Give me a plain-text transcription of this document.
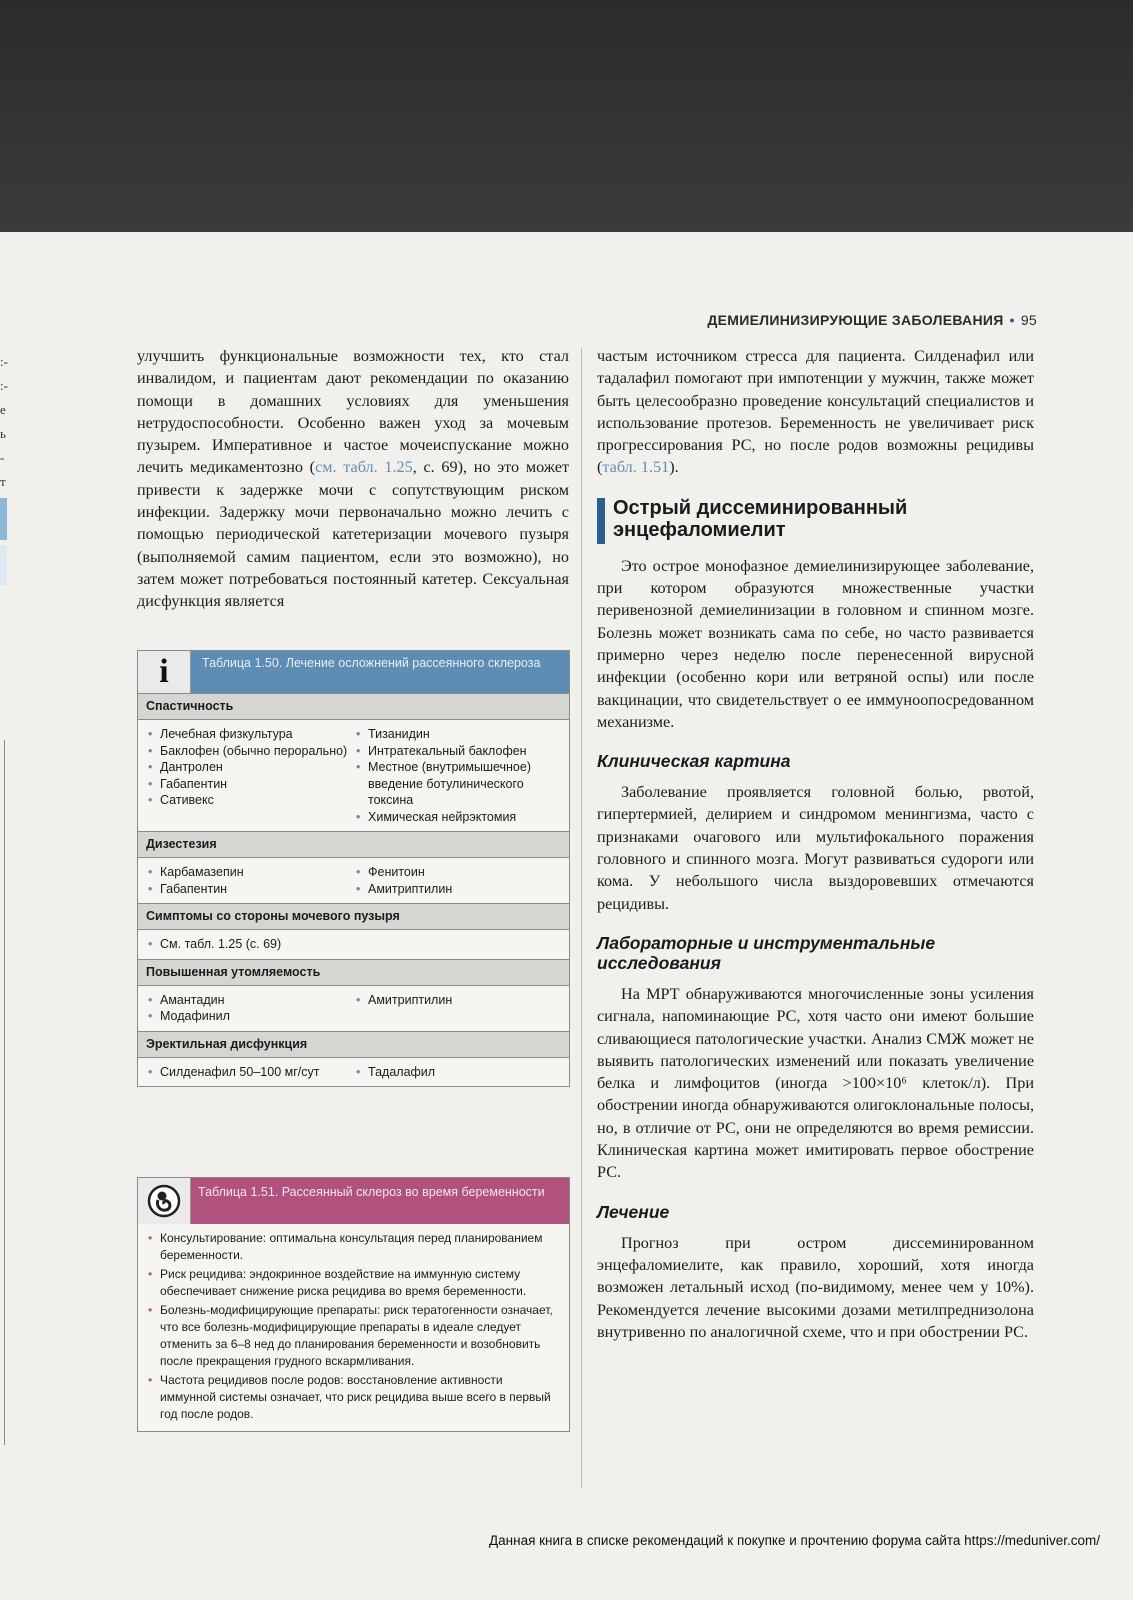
:-
:-
е
ь
​-
т
ДЕМИЕЛИНИЗИРУЮЩИЕ ЗАБОЛЕВАНИЯ • 95

улучшить функциональные возможности тех, кто стал инвалидом, и пациентам дают рекомендации по оказанию помощи в домашних условиях для уменьшения нетрудоспособности. Особенно важен уход за мочевым пузырем. Императивное и частое мочеиспускание можно лечить медикаментозно (см. табл. 1.25, с. 69), но это может привести к задержке мочи с сопутствующим риском инфекции. Задержку мочи первоначально можно лечить с помощью периодической катетеризации мочевого пузыря (выполняемой самим пациентом, если это возможно), но затем может потребоваться постоянный катетер. Сексуальная дисфункция является

i	Таблица 1.50. Лечение осложнений рассеянного склероза
Спастичность
• Лечебная физкультура
• Баклофен (обычно перорально)
• Дантролен
• Габапентин
• Сативекс
• Тизанидин
• Интратекальный баклофен
• Местное (внутримышечное) введение ботулинического токсина
• Химическая нейрэктомия
Дизестезия
• Карбамазепин
• Габапентин
• Фенитоин
• Амитриптилин
Симптомы со стороны мочевого пузыря
• См. табл. 1.25 (с. 69)
Повышенная утомляемость
• Амантадин
• Модафинил
• Амитриптилин
Эректильная дисфункция
• Силденафил 50–100 мг/сут
•	Тадалафил
Таблица 1.51. Рассеянный склероз во время беременности
• Консультирование: оптимальна консультация перед планированием беременности.
• Риск рецидива: эндокринное воздействие на иммунную систему обеспечивает снижение риска рецидива во время беременности.
• Болезнь-модифицирующие препараты: риск тератогенности означает, что все болезнь-модифицирующие препараты в идеале следует отменить за 6–8 нед до планирования беременности и возобновить после прекращения грудного вскармливания.
• Частота рецидивов после родов: восстановление активности иммунной системы означает, что риск рецидива выше всего в первый год после родов.

частым источником стресса для пациента. Силденафил или тадалафил помогают при импотенции у мужчин, также может быть целесообразно проведение консультаций специалистов и использование протезов. Беременность не увеличивает риск прогрессирования РС, но после родов возможны рецидивы (табл. 1.51).

Острый диссеминированный энцефаломиелит

Это острое монофазное демиелинизирующее заболевание, при котором образуются множественные участки перивенозной демиелинизации в головном и спинном мозге. Болезнь может возникать сама по себе, но часто развивается примерно через неделю после перенесенной вирусной инфекции (особенно кори или ветряной оспы) или после вакцинации, что свидетельствует о ее иммуноопосредованном механизме.

Клиническая картина

Заболевание проявляется головной болью, рвотой, гипертермией, делирием и синдромом менингизма, часто с признаками очагового или мультифокального поражения головного и спинного мозга. Могут развиваться судороги или кома. У небольшого числа выздоровевших отмечаются рецидивы.

Лабораторные и инструментальные исследования

На МРТ обнаруживаются многочисленные зоны усиления сигнала, напоминающие РС, хотя часто они имеют большие сливающиеся патологические участки. Анализ СМЖ может не выявить патологических изменений или показать увеличение белка и лимфоцитов (иногда >100×10⁶ клеток/л). При обострении иногда обнаруживаются олигоклональные полосы, но, в отличие от РС, они не определяются во время ремиссии. Клиническая картина может имитировать первое обострение РС.

Лечение

Прогноз при остром диссеминированном энцефаломиелите, как правило, хороший, хотя иногда возможен летальный исход (по-видимому, менее чем у 10%). Рекомендуется лечение высокими дозами метилпреднизолона внутривенно по аналогичной схеме, что и при обострении РС.

Данная книга в списке рекомендаций к покупке и прочтению форума сайта https://meduniver.com/
